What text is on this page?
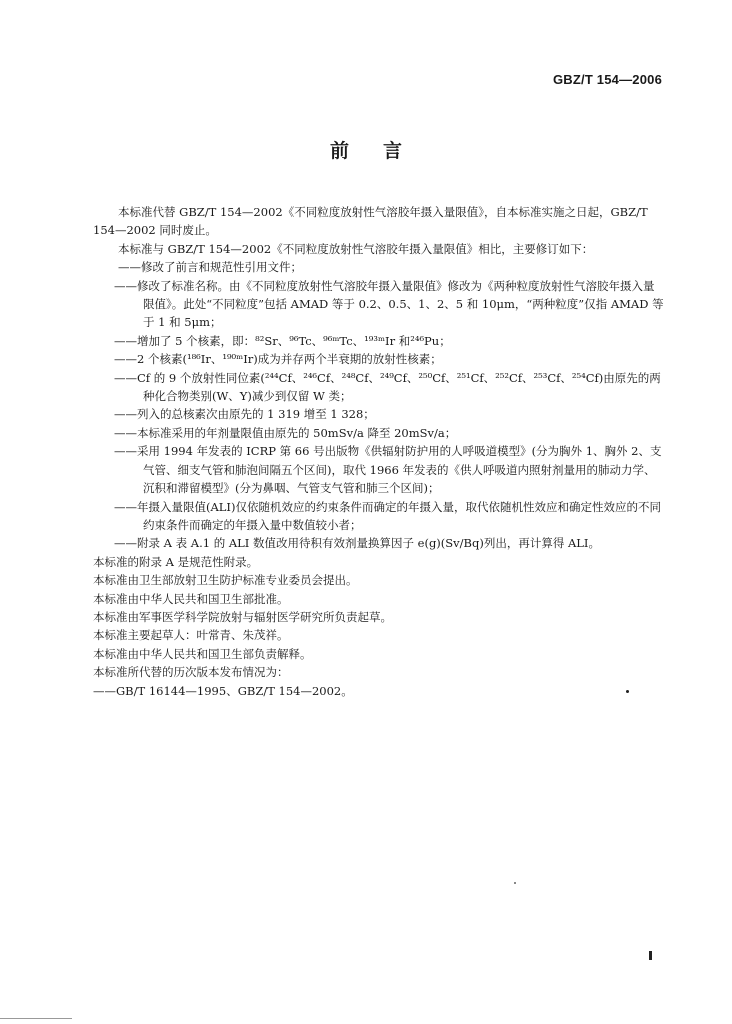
GBZ/T 154—2006
前言

本标准代替 GBZ/T 154—2002《不同粒度放射性气溶胶年摄入量限值》，自本标准实施之日起，GBZ/T 154—2002 同时废止。

本标准与 GBZ/T 154—2002《不同粒度放射性气溶胶年摄入量限值》相比，主要修订如下：

——修改了前言和规范性引用文件；

——修改了标准名称。由《不同粒度放射性气溶胶年摄入量限值》修改为《两种粒度放射性气溶胶年摄入量限值》。此处“不同粒度”包括 AMAD 等于 0.2、0.5、1、2、5 和 10μm，“两种粒度”仅指 AMAD 等于 1 和 5μm；

——增加了 5 个核素，即：⁸²Sr、⁹⁶Tc、⁹⁶ᵐTc、¹⁹³ᵐIr 和²⁴⁶Pu；

——2 个核素(¹⁸⁶Ir、¹⁹⁰ᵐIr)成为并存两个半衰期的放射性核素；

——Cf 的 9 个放射性同位素(²⁴⁴Cf、²⁴⁶Cf、²⁴⁸Cf、²⁴⁹Cf、²⁵⁰Cf、²⁵¹Cf、²⁵²Cf、²⁵³Cf、²⁵⁴Cf)由原先的两种化合物类别(W、Y)减少到仅留 W 类；

——列入的总核素次由原先的 1 319 增至 1 328；

——本标准采用的年剂量限值由原先的 50mSv/a 降至 20mSv/a；

——采用 1994 年发表的 ICRP 第 66 号出版物《供辐射防护用的人呼吸道模型》(分为胸外 1、胸外 2、支气管、细支气管和肺泡间隔五个区间)，取代 1966 年发表的《供人呼吸道内照射剂量用的肺动力学、沉积和滞留模型》(分为鼻咽、气管支气管和肺三个区间)；

——年摄入量限值(ALI)仅依随机效应的约束条件而确定的年摄入量，取代依随机性效应和确定性效应的不同约束条件而确定的年摄入量中数值较小者；

——附录 A 表 A.1 的 ALI 数值改用待积有效剂量换算因子 e(g)(Sv/Bq)列出，再计算得 ALI。

本标准的附录 A 是规范性附录。

本标准由卫生部放射卫生防护标准专业委员会提出。

本标准由中华人民共和国卫生部批准。

本标准由军事医学科学院放射与辐射医学研究所负责起草。

本标准主要起草人：叶常青、朱茂祥。

本标准由中华人民共和国卫生部负责解释。

本标准所代替的历次版本发布情况为：

——GB/T 16144—1995、GBZ/T 154—2002。
